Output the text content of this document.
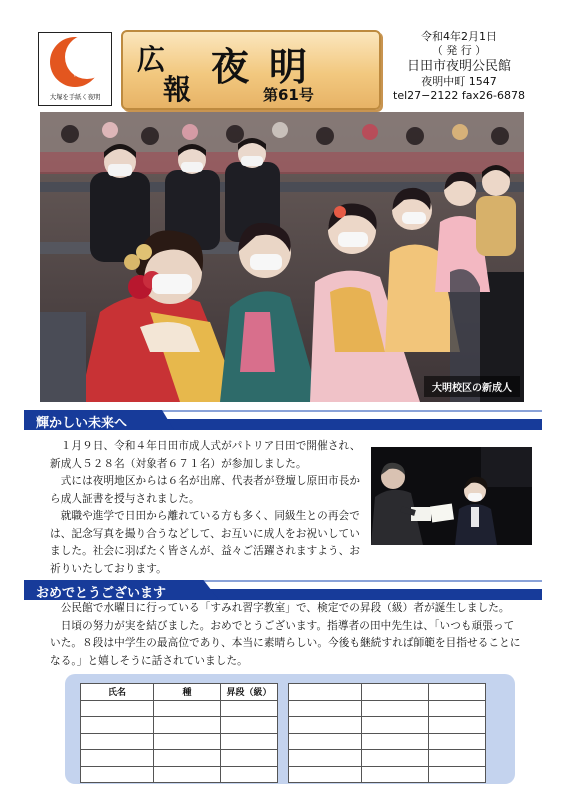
夜明
大塚を手紙く夜明
広
報
夜明
第61号
令和4年2月1日
（ 発 行 ）
日田市夜明公民館
夜明中町 1547
tel27−2122 fax26-6878
大明校区の新成人
輝かしい未来へ
　１月９日、令和４年日田市成人式がパトリア日田で開催され、新成人５２８名（対象者６７１名）が参加しました。
　式には夜明地区からは６名が出席、代表者が登壇し原田市長から成人証書を授与されました。
　就職や進学で日田から離れている方も多く、同級生との再会では、記念写真を撮り合うなどして、お互いに成人をお祝いしていました。社会に羽ばたく皆さんが、益々ご活躍されますよう、お祈りいたしております。
おめでとうございます
　公民館で水曜日に行っている「すみれ習字教室」で、検定での昇段（級）者が誕生しました。
　日頃の努力が実を結びました。おめでとうございます。指導者の田中先生は、「いつも頑張っていた。８段は中学生の最高位であり、本当に素晴らしい。今後も継続すれば師範を目指せることになる。」と嬉しそうに話されていました。
氏名	種	昇段（級）
